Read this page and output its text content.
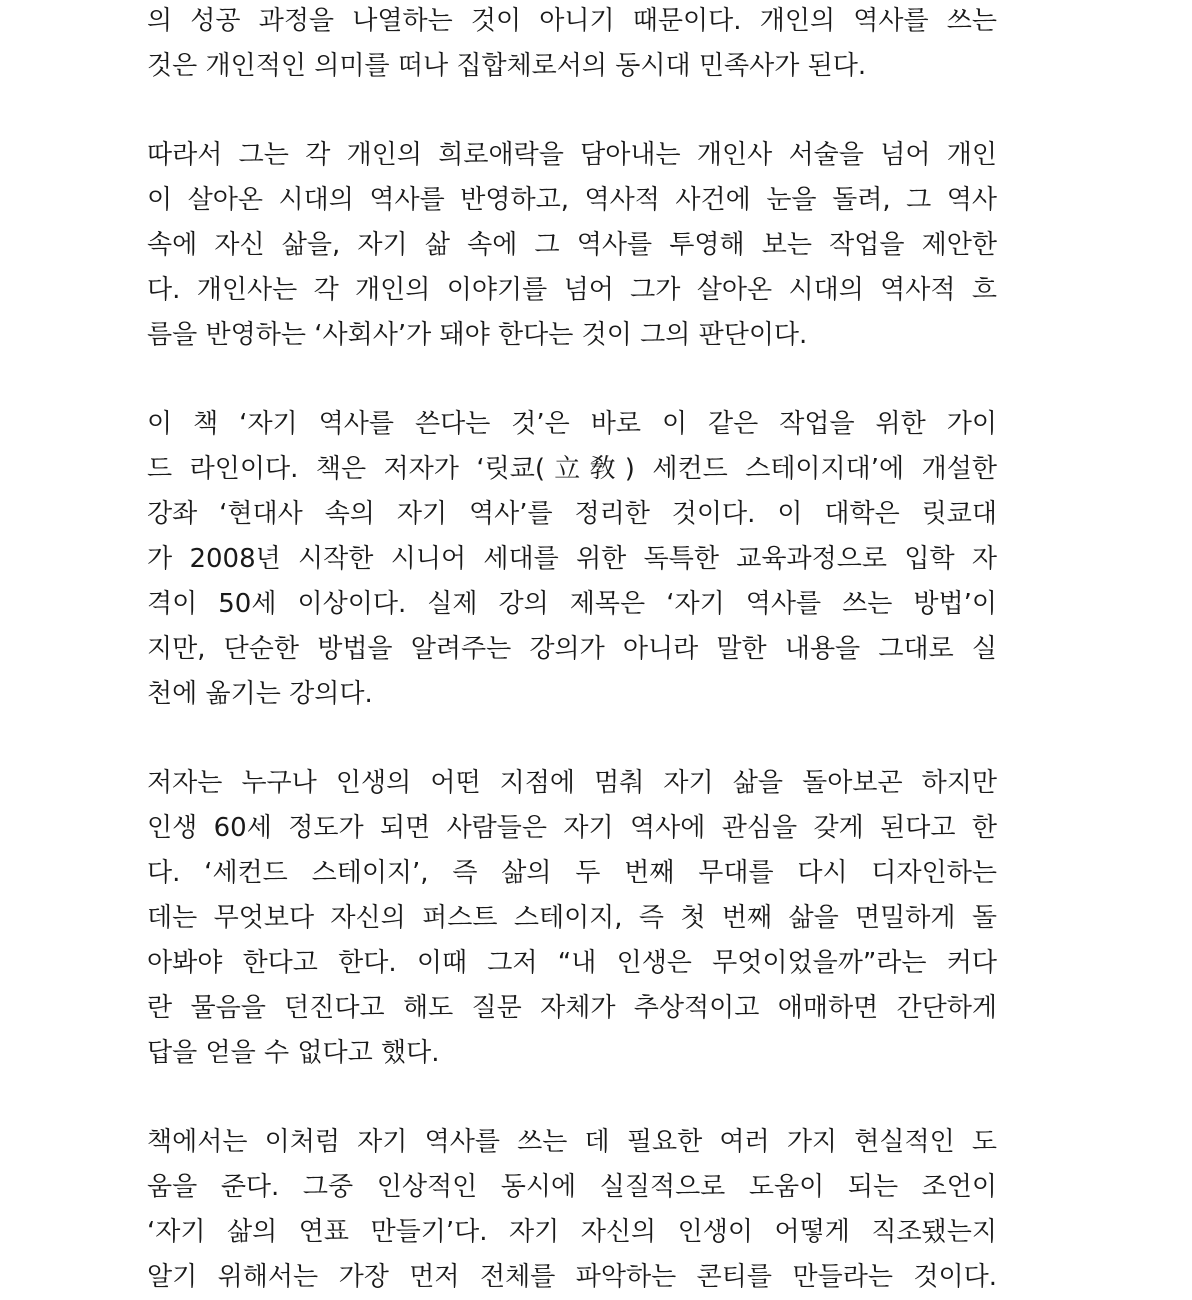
의 성공 과정을 나열하는 것이 아니기 때문이다. 개인의 역사를 쓰는
것은 개인적인 의미를 떠나 집합체로서의 동시대 민족사가 된다.
따라서 그는 각 개인의 희로애락을 담아내는 개인사 서술을 넘어 개인
이 살아온 시대의 역사를 반영하고, 역사적 사건에 눈을 돌려, 그 역사
속에 자신 삶을, 자기 삶 속에 그 역사를 투영해 보는 작업을 제안한
다. 개인사는 각 개인의 이야기를 넘어 그가 살아온 시대의 역사적 흐
름을 반영하는 ‘사회사’가 돼야 한다는 것이 그의 판단이다.
이 책 ‘자기 역사를 쓴다는 것’은 바로 이 같은 작업을 위한 가이
드 라인이다. 책은 저자가 ‘릿쿄(立敎) 세컨드 스테이지대’에 개설한
강좌 ‘현대사 속의 자기 역사’를 정리한 것이다. 이 대학은 릿쿄대
가 2008년 시작한 시니어 세대를 위한 독특한 교육과정으로 입학 자
격이 50세 이상이다. 실제 강의 제목은 ‘자기 역사를 쓰는 방법’이
지만, 단순한 방법을 알려주는 강의가 아니라 말한 내용을 그대로 실
천에 옮기는 강의다.
저자는 누구나 인생의 어떤 지점에 멈춰 자기 삶을 돌아보곤 하지만
인생 60세 정도가 되면 사람들은 자기 역사에 관심을 갖게 된다고 한
다. ‘세컨드 스테이지’, 즉 삶의 두 번째 무대를 다시 디자인하는
데는 무엇보다 자신의 퍼스트 스테이지, 즉 첫 번째 삶을 면밀하게 돌
아봐야 한다고 한다. 이때 그저 “내 인생은 무엇이었을까”라는 커다
란 물음을 던진다고 해도 질문 자체가 추상적이고 애매하면 간단하게
답을 얻을 수 없다고 했다.
책에서는 이처럼 자기 역사를 쓰는 데 필요한 여러 가지 현실적인 도
움을 준다. 그중 인상적인 동시에 실질적으로 도움이 되는 조언이
‘자기 삶의 연표 만들기’다. 자기 자신의 인생이 어떻게 직조됐는지
알기 위해서는 가장 먼저 전체를 파악하는 콘티를 만들라는 것이다.
